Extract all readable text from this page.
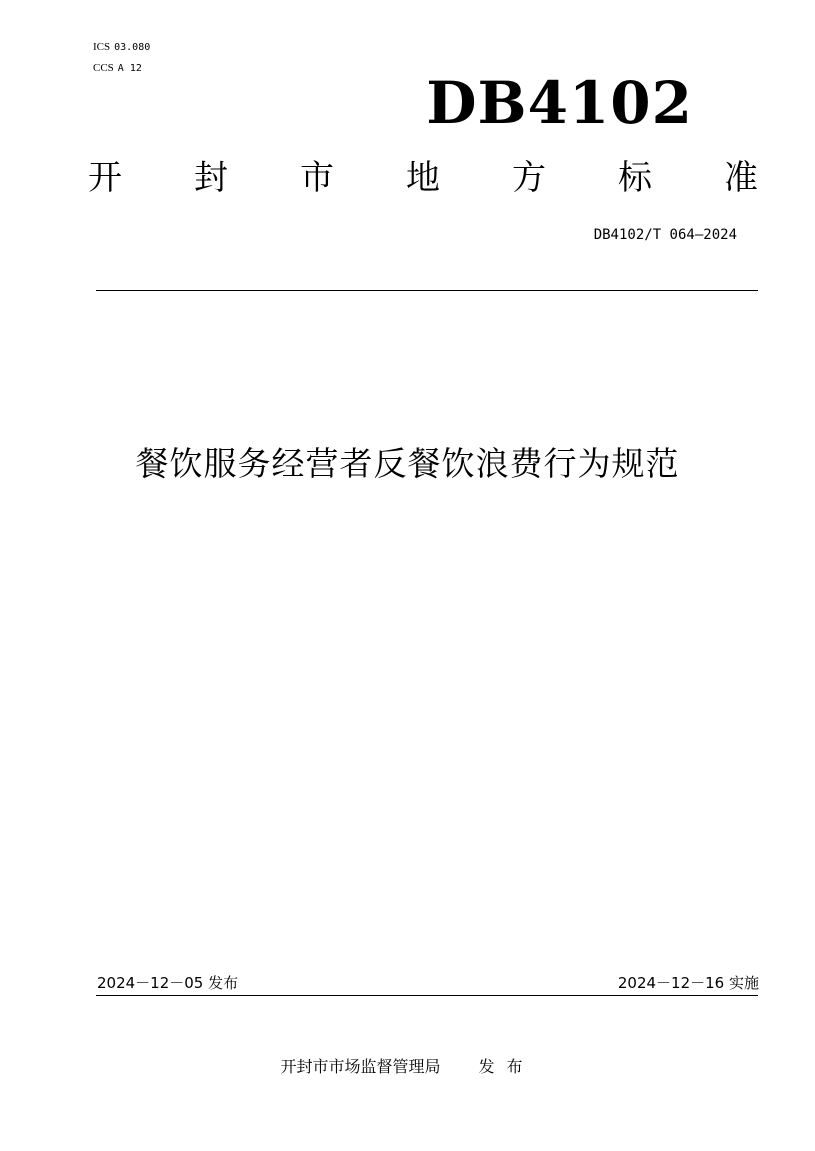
ICS 03.080
CCS A 12
DB4102
开 封 市 地 方 标 准
DB4102/T 064—2024
餐饮服务经营者反餐饮浪费行为规范
2024－12－05 发布	2024－12－16 实施
开封市市场监督管理局 发布
